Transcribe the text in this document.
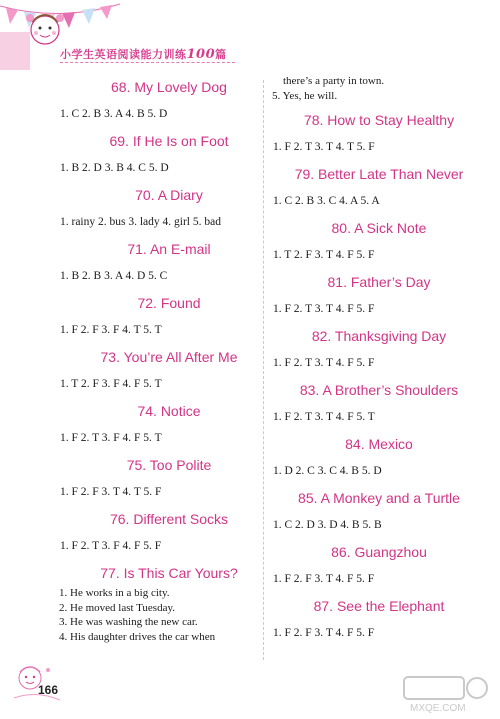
小学生英语阅读能力训练100篇
68. My Lovely Dog
1. C 2. B 3. A 4. B 5. D
69. If He Is on Foot
1. B 2. D 3. B 4. C 5. D
70. A Diary
1. rainy 2. bus 3. lady 4. girl 5. bad
71. An E-mail
1. B 2. B 3. A 4. D 5. C
72. Found
1. F 2. F 3. F 4. T 5. T
73. You’re All After Me
1. T 2. F 3. F 4. F 5. T
74. Notice
1. F 2. T 3. F 4. F 5. T
75. Too Polite
1. F 2. F 3. T 4. T 5. F
76. Different Socks
1. F 2. T 3. F 4. F 5. F
77. Is This Car Yours?
1. He works in a big city.
2. He moved last Tuesday.
3. He was washing the new car.
4. His daughter drives the car when
there’s a party in town.
5. Yes, he will.
78. How to Stay Healthy
1. F 2. T 3. T 4. T 5. F
79. Better Late Than Never
1. C 2. B 3. C 4. A 5. A
80. A Sick Note
1. T 2. F 3. T 4. F 5. F
81. Father’s Day
1. F 2. T 3. T 4. F 5. F
82. Thanksgiving Day
1. F 2. T 3. T 4. F 5. F
83. A Brother’s Shoulders
1. F 2. T 3. T 4. F 5. T
84. Mexico
1. D 2. C 3. C 4. B 5. D
85. A Monkey and a Turtle
1. C 2. D 3. D 4. B 5. B
86. Guangzhou
1. F 2. F 3. T 4. F 5. F
87. See the Elephant
1. F 2. F 3. T 4. F 5. F
166
MXQE.COM
